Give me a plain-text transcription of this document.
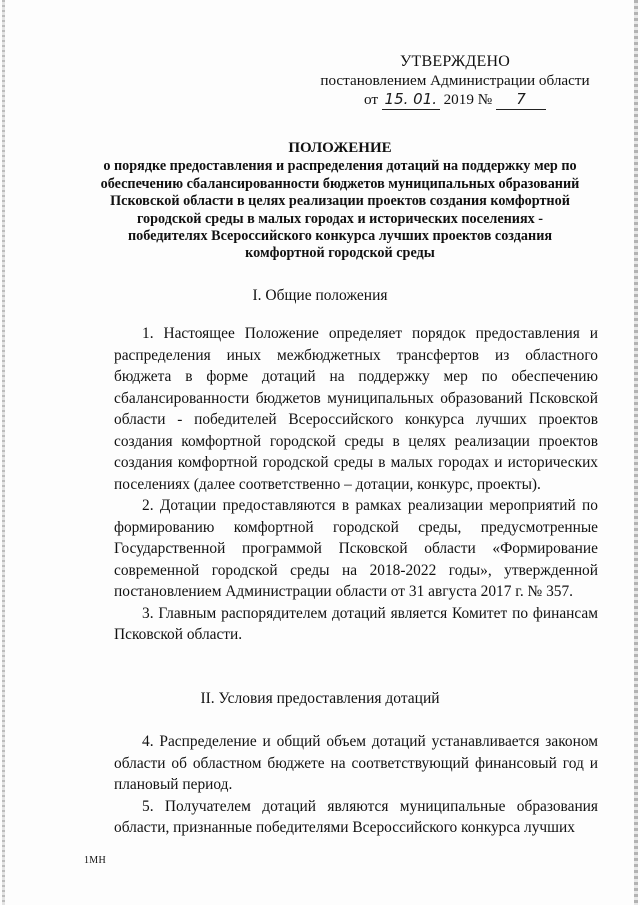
УТВЕРЖДЕНО
постановлением Администрации области
от 15. 01. 2019 № 7
ПОЛОЖЕНИЕ
о порядке предоставления и распределения дотаций на поддержку мер по обеспечению сбалансированности бюджетов муниципальных образований Псковской области в целях реализации проектов создания комфортной городской среды в малых городах и исторических поселениях - победителях Всероссийского конкурса лучших проектов создания комфортной городской среды
I. Общие положения

1. Настоящее Положение определяет порядок предоставления и распределения иных межбюджетных трансфертов из областного бюджета в форме дотаций на поддержку мер по обеспечению сбалансированности бюджетов муниципальных образований Псковской области - победителей Всероссийского конкурса лучших проектов создания комфортной городской среды в целях реализации проектов создания комфортной городской среды в малых городах и исторических поселениях (далее соответственно – дотации, конкурс, проекты).

2. Дотации предоставляются в рамках реализации мероприятий по формированию комфортной городской среды, предусмотренные Государственной программой Псковской области «Формирование современной городской среды на 2018-2022 годы», утвержденной постановлением Администрации области от 31 августа 2017 г. № 357.

3. Главным распорядителем дотаций является Комитет по финансам Псковской области.

II. Условия предоставления дотаций

4. Распределение и общий объем дотаций устанавливается законом области об областном бюджете на соответствующий финансовый год и плановый период.

5. Получателем дотаций являются муниципальные образования области, признанные победителями Всероссийского конкурса лучших

1МН
